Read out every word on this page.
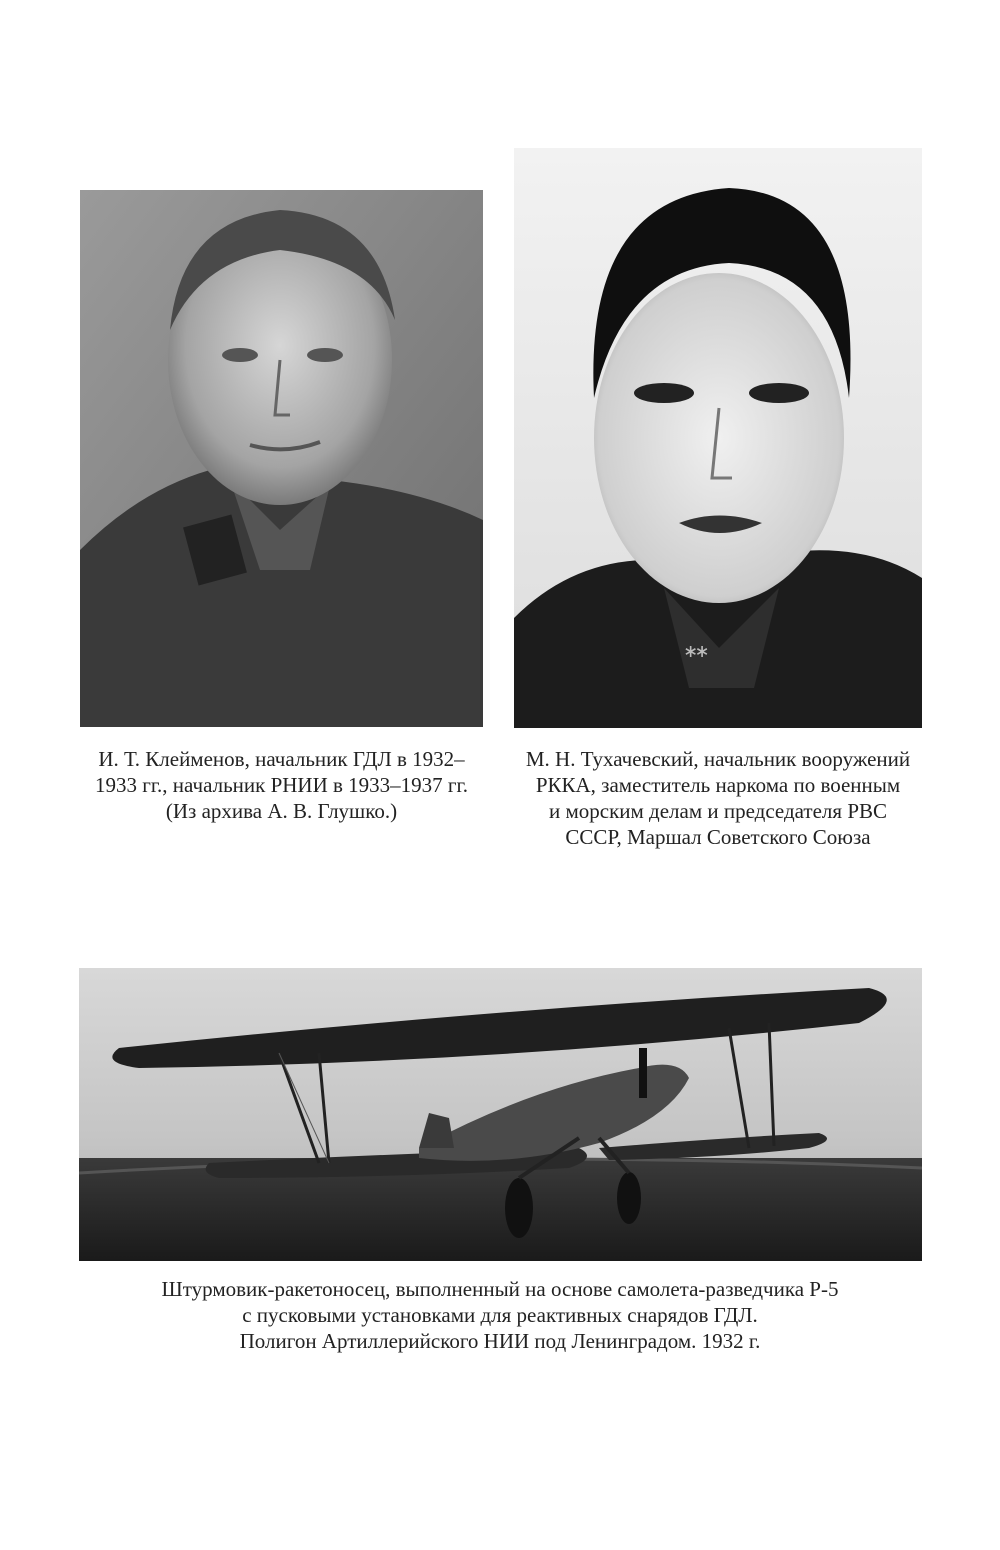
ᕯ
И. Т. Клейменов, начальник ГДЛ в 1932–
1933 гг., начальник РНИИ в 1933–1937 гг.
(Из архива А. В. Глушко.)
М. Н. Тухачевский, начальник вооружений
РККА, заместитель наркома по военным
и морским делам и председателя РВС
СССР, Маршал Советского Союза
Штурмовик-ракетоносец, выполненный на основе самолета-разведчика Р-5
с пусковыми установками для реактивных снарядов ГДЛ.
Полигон Артиллерийского НИИ под Ленинградом. 1932 г.
